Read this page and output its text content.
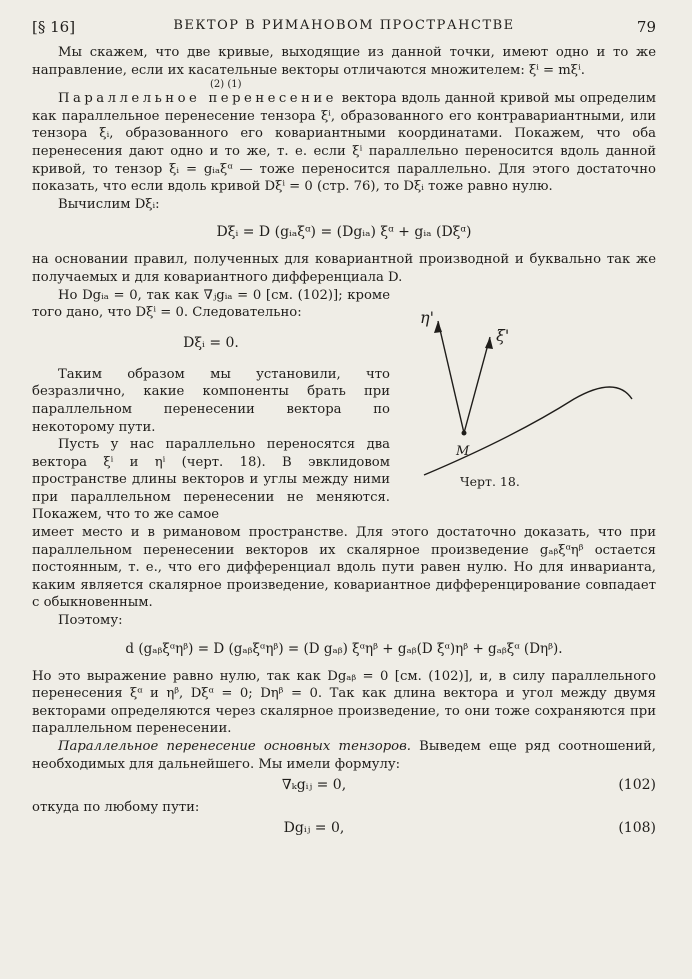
[§ 16]	ВЕКТОР В РИМАНОВОМ ПРОСТРАНСТВЕ	79

Мы скажем, что две кривые, выходящие из данной точки, имеют одно и то же направление, если их касательные векторы отличаются множителем: ξⁱ = mξⁱ.

(2) (1)

Параллельное перенесение вектора вдоль данной кривой мы определим как параллельное перенесение тензора ξⁱ, образованного его контравариантными, или тензора ξᵢ, образованного его ковариантными координатами. Покажем, что оба перенесения дают одно и то же, т. е. если ξⁱ параллельно переносится вдоль данной кривой, то тензор ξᵢ = gᵢₐξᵅ — тоже переносится параллельно. Для этого достаточно показать, что если вдоль кривой Dξⁱ = 0 (стр. 76), то Dξᵢ тоже равно нулю.

Вычислим Dξᵢ:

Dξᵢ = D (gᵢₐξᵅ) = (Dgᵢₐ) ξᵅ + gᵢₐ (Dξᵅ)

на основании правил, полученных для ковариантной производной и буквально так же получаемых и для ковариантного дифференциала D.

Но Dgᵢₐ = 0, так как ∇ⱼgᵢₐ = 0 [см. (102)]; кроме того дано, что Dξⁱ = 0. Следовательно:

Dξᵢ = 0.

Таким образом мы установили, что безразлично, какие компоненты брать при параллельном перенесении вектора по некоторому пути.

Пусть у нас параллельно переносятся два вектора ξⁱ и ηⁱ (черт. 18). В эвклидовом пространстве длины векторов и углы между ними при параллельном перенесении не меняются. Покажем, что то же самое

η'
ξ'
M
Черт. 18.

имеет место и в римановом пространстве. Для этого достаточно доказать, что при параллельном перенесении векторов их скалярное произведение gₐᵦξᵅηᵝ остается постоянным, т. е., что его дифференциал вдоль пути равен нулю. Но для инварианта, каким является скалярное произведение, ковариантное дифференцирование совпадает с обыкновенным.

Поэтому:

d (gₐᵦξᵅηᵝ) = D (gₐᵦξᵅηᵝ) = (D gₐᵦ) ξᵅηᵝ + gₐᵦ(D ξᵅ)ηᵝ + gₐᵦξᵅ (Dηᵝ).

Но это выражение равно нулю, так как Dgₐᵦ = 0 [см. (102)], и, в силу параллельного перенесения ξᵅ и ηᵝ, Dξᵅ = 0; Dηᵝ = 0. Так как длина вектора и угол между двумя векторами определяются через скалярное произведение, то они тоже сохраняются при параллельном перенесении.

Параллельное перенесение основных тензоров. Выведем еще ряд соотношений, необходимых для дальнейшего. Мы имели формулу:

∇ₖgᵢⱼ = 0,	(102)

откуда по любому пути:

Dgᵢⱼ = 0,	(108)
